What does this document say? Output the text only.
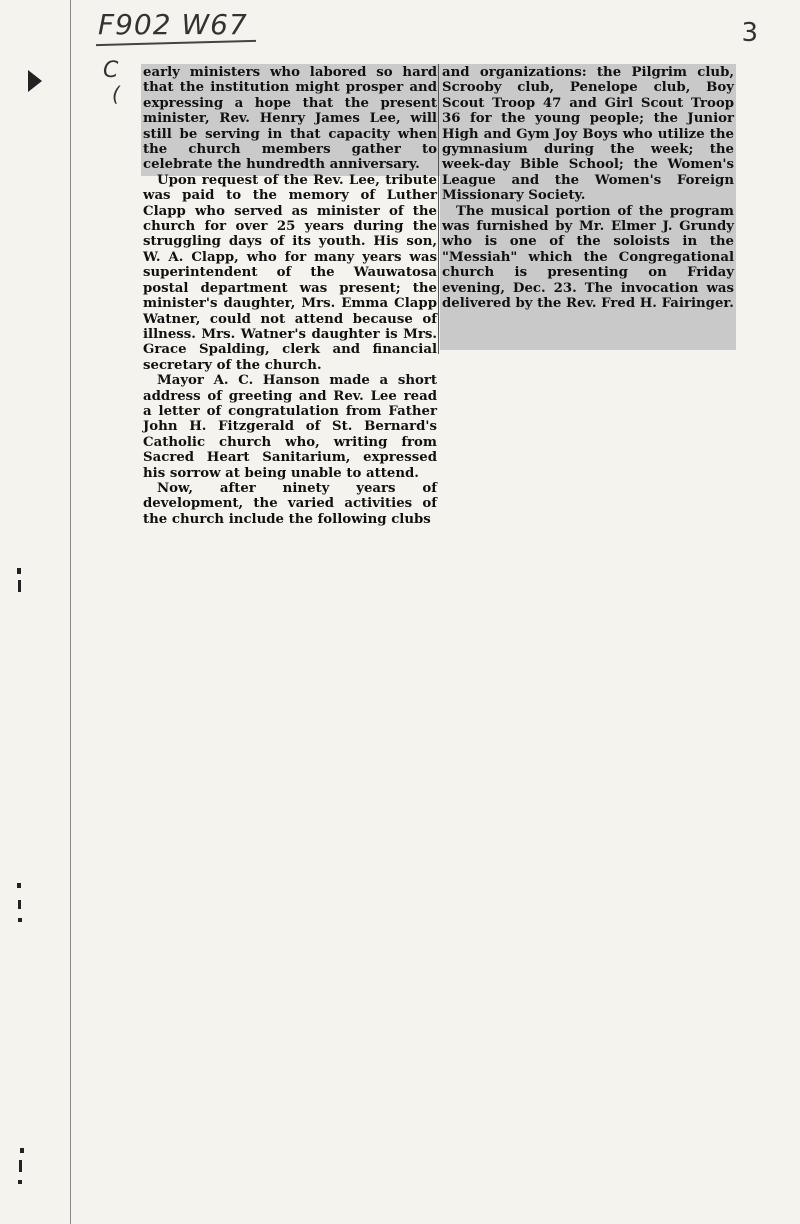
F902 W67	3
C
(

early ministers who labored so hard that the institution might prosper and expressing a hope that the present minister, Rev. Henry James Lee, will still be serving in that capacity when the church members gather to celebrate the hundredth anniversary.

Upon request of the Rev. Lee, tribute was paid to the memory of Luther Clapp who served as minister of the church for over 25 years during the struggling days of its youth. His son, W. A. Clapp, who for many years was superintendent of the Wauwatosa postal department was present; the minister's daughter, Mrs. Emma Clapp Watner, could not attend because of illness. Mrs. Watner's daughter is Mrs. Grace Spalding, clerk and financial secretary of the church.

Mayor A. C. Hanson made a short address of greeting and Rev. Lee read a letter of congratulation from Father John H. Fitzgerald of St. Bernard's Catholic church who, writing from Sacred Heart Sanitarium, expressed his sorrow at being unable to attend.

Now, after ninety years of development, the varied activities of the church include the following clubs

and organizations: the Pilgrim club, Scrooby club, Penelope club, Boy Scout Troop 47 and Girl Scout Troop 36 for the young people; the Junior High and Gym Joy Boys who utilize the gymnasium during the week; the week-day Bible School; the Women's League and the Women's Foreign Missionary Society.

The musical portion of the program was furnished by Mr. Elmer J. Grundy who is one of the soloists in the "Messiah" which the Congregational church is presenting on Friday evening, Dec. 23. The invocation was delivered by the Rev. Fred H. Fairinger.
